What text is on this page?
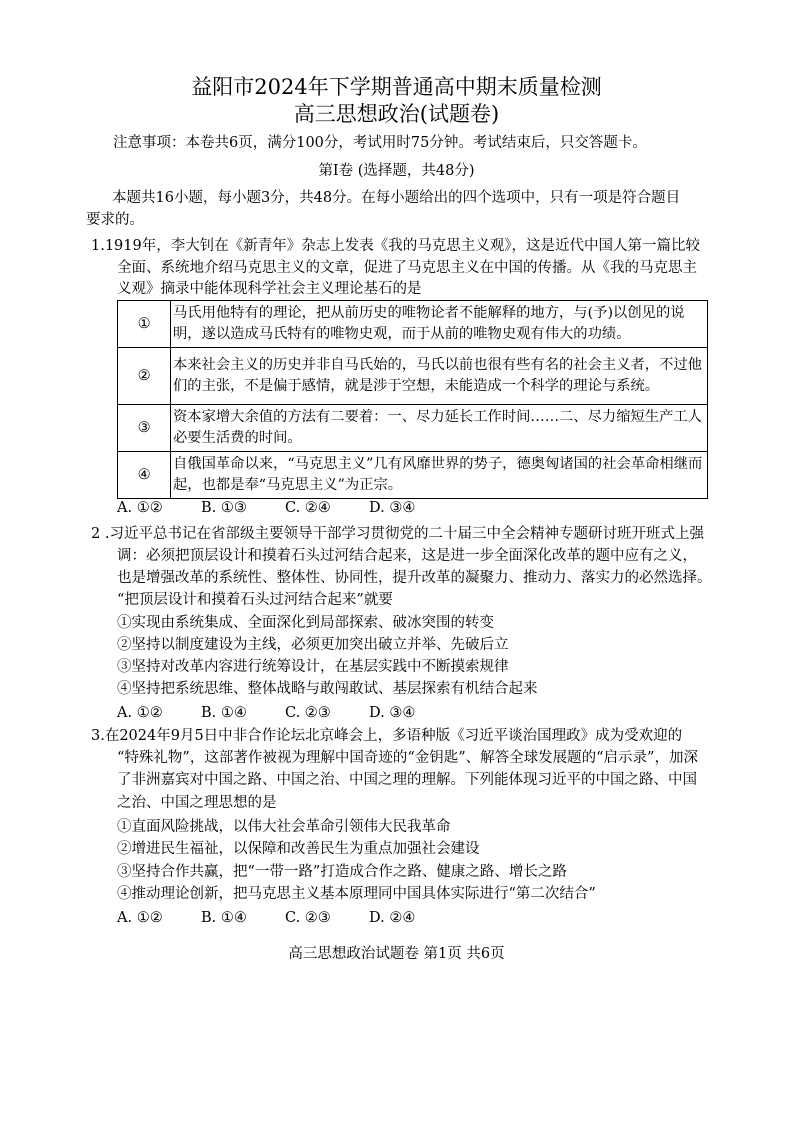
益阳市2024年下学期普通高中期末质量检测
高三思想政治(试题卷)
注意事项：本卷共6页，满分100分，考试用时75分钟。考试结束后，只交答题卡。
第Ⅰ卷 (选择题，共48分)
本题共16小题，每小题3分，共48分。在每小题给出的四个选项中，只有一项是符合题目
要求的。
1.1919年，李大钊在《新青年》杂志上发表《我的马克思主义观》，这是近代中国人第一篇比较
全面、系统地介绍马克思主义的文章，促进了马克思主义在中国的传播。从《我的马克思主
义观》摘录中能体现科学社会主义理论基石的是
①	马氏用他特有的理论，把从前历史的唯物论者不能解释的地方，与(予)以创见的说
明，遂以造成马氏特有的唯物史观，而于从前的唯物史观有伟大的功绩。

②	本来社会主义的历史并非自马氏始的，马氏以前也很有些有名的社会主义者，不过他
们的主张，不是偏于感情，就是涉于空想，未能造成一个科学的理论与系统。

③	资本家增大余值的方法有二要着：一、尽力延长工作时间……二、尽力缩短生产工人
必要生活费的时间。

④	自俄国革命以来，“马克思主义”几有风靡世界的势子，德奥匈诸国的社会革命相继而
起，也都是奉“马克思主义”为正宗。
A. ①②	B. ①③	C. ②④	D. ③④
2 .习近平总书记在省部级主要领导干部学习贯彻党的二十届三中全会精神专题研讨班开班式上强
调：必须把顶层设计和摸着石头过河结合起来，这是进一步全面深化改革的题中应有之义，
也是增强改革的系统性、整体性、协同性，提升改革的凝聚力、推动力、落实力的必然选择。
“把顶层设计和摸着石头过河结合起来”就要
①实现由系统集成、全面深化到局部探索、破冰突围的转变
②坚持以制度建设为主线，必须更加突出破立并举、先破后立
③坚持对改革内容进行统筹设计，在基层实践中不断摸索规律
④坚持把系统思维、整体战略与敢闯敢试、基层探索有机结合起来
A. ①②	B. ①④	C. ②③	D. ③④
3.在2024年9月5日中非合作论坛北京峰会上，多语种版《习近平谈治国理政》成为受欢迎的
“特殊礼物”，这部著作被视为理解中国奇迹的“金钥匙”、解答全球发展题的“启示录”，加深
了非洲嘉宾对中国之路、中国之治、中国之理的理解。下列能体现习近平的中国之路、中国
之治、中国之理思想的是
①直面风险挑战，以伟大社会革命引领伟大民我革命
②增进民生福祉，以保障和改善民生为重点加强社会建设
③坚持合作共赢，把“一带一路”打造成合作之路、健康之路、增长之路
④推动理论创新，把马克思主义基本原理同中国具体实际进行“第二次结合”
A. ①②	B. ①④	C. ②③	D. ②④
高三思想政治试题卷 第1页 共6页
